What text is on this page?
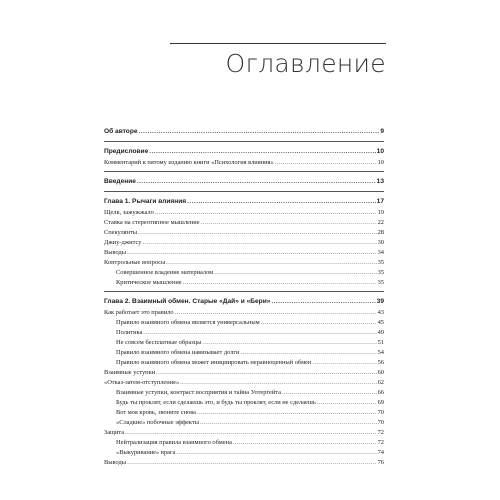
Оглавление
Об авторе .....	9
Предисловие .....	10
Комментарий к пятому изданию книги «Психология влияния» .....	10
Введение .....	13
Глава 1. Рычаги влияния .....	17
Щелк, зажужжало .....	19
Ставка на стереотипное мышление .....	22
Спекулянты .....	28
Джиу-джитсу .....	30
Выводы .....	34
Контрольные вопросы .....	35
Совершенное владение материалом .....	35
Критическое мышление .....	35
Глава 2. Взаимный обмен. Старые «Дай» и «Бери» .....	39
Как работает это правило .....	43
Правило взаимного обмена является универсальным .....	45
Политика .....	49
Не совсем бесплатные образцы .....	51
Правило взаимного обмена навязывает долги .....	54
Правило взаимного обмена может инициировать неравноценный обмен .....	56
Взаимные уступки .....	60
«Отказ-затем-отступление» .....	62
Взаимные уступки, контраст восприятия и тайна Уотергейта .....	66
Будь ты проклят, если сделаешь это, и будь ты проклят, если не сделаешь .....	69
Вот моя кровь, звоните снова .....	70
«Сладкие» побочные эффекты .....	70
Защита .....	72
Нейтрализация правила взаимного обмена .....	72
«Выкуривание» врага .....	74
Выводы .....	76
